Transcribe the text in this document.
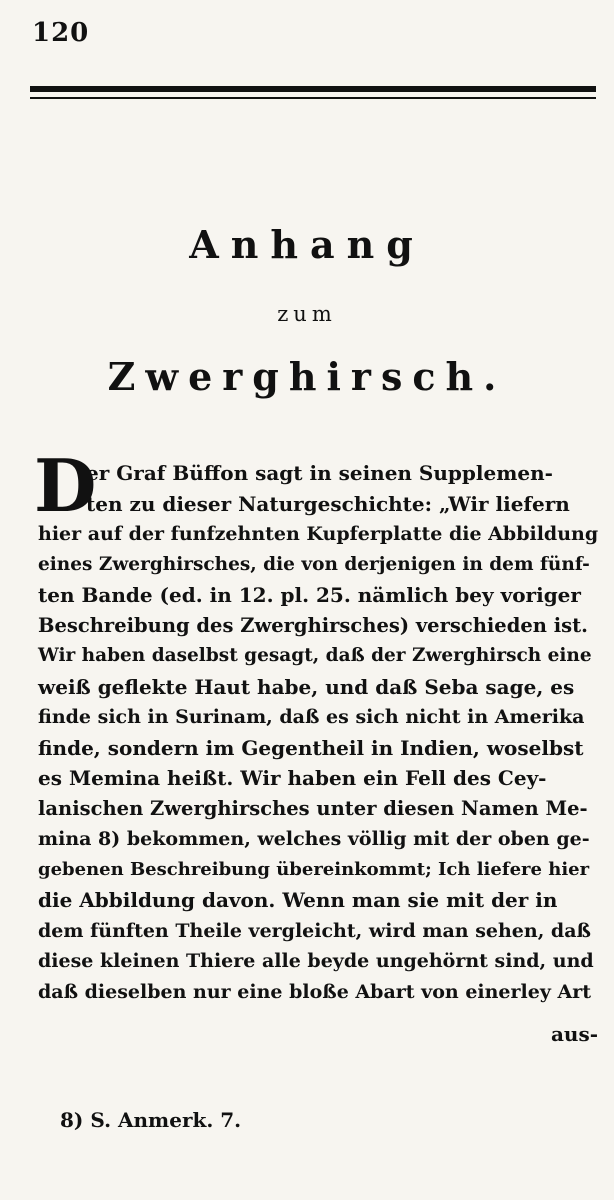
120
Anhang
zum
Zwerghirsch.
D
er Graf Büffon sagt in seinen Supplemen-
ten zu dieser Naturgeschichte: „Wir liefern
hier auf der funfzehnten Kupferplatte die Abbildung
eines Zwerghirsches, die von derjenigen in dem fünf-
ten Bande (ed. in 12. pl. 25. nämlich bey voriger
Beschreibung des Zwerghirsches) verschieden ist.
Wir haben daselbst gesagt, daß der Zwerghirsch eine
weiß geflekte Haut habe, und daß Seba sage, es
finde sich in Surinam, daß es sich nicht in Amerika
finde, sondern im Gegentheil in Indien, woselbst
es Memina heißt. Wir haben ein Fell des Cey-
lanischen Zwerghirsches unter diesen Namen Me-
mina 8) bekommen, welches völlig mit der oben ge-
gebenen Beschreibung übereinkommt; Ich liefere hier
die Abbildung davon. Wenn man sie mit der in
dem fünften Theile vergleicht, wird man sehen, daß
diese kleinen Thiere alle beyde ungehörnt sind, und
daß dieselben nur eine bloße Abart von einerley Art
aus-
8) S. Anmerk. 7.
